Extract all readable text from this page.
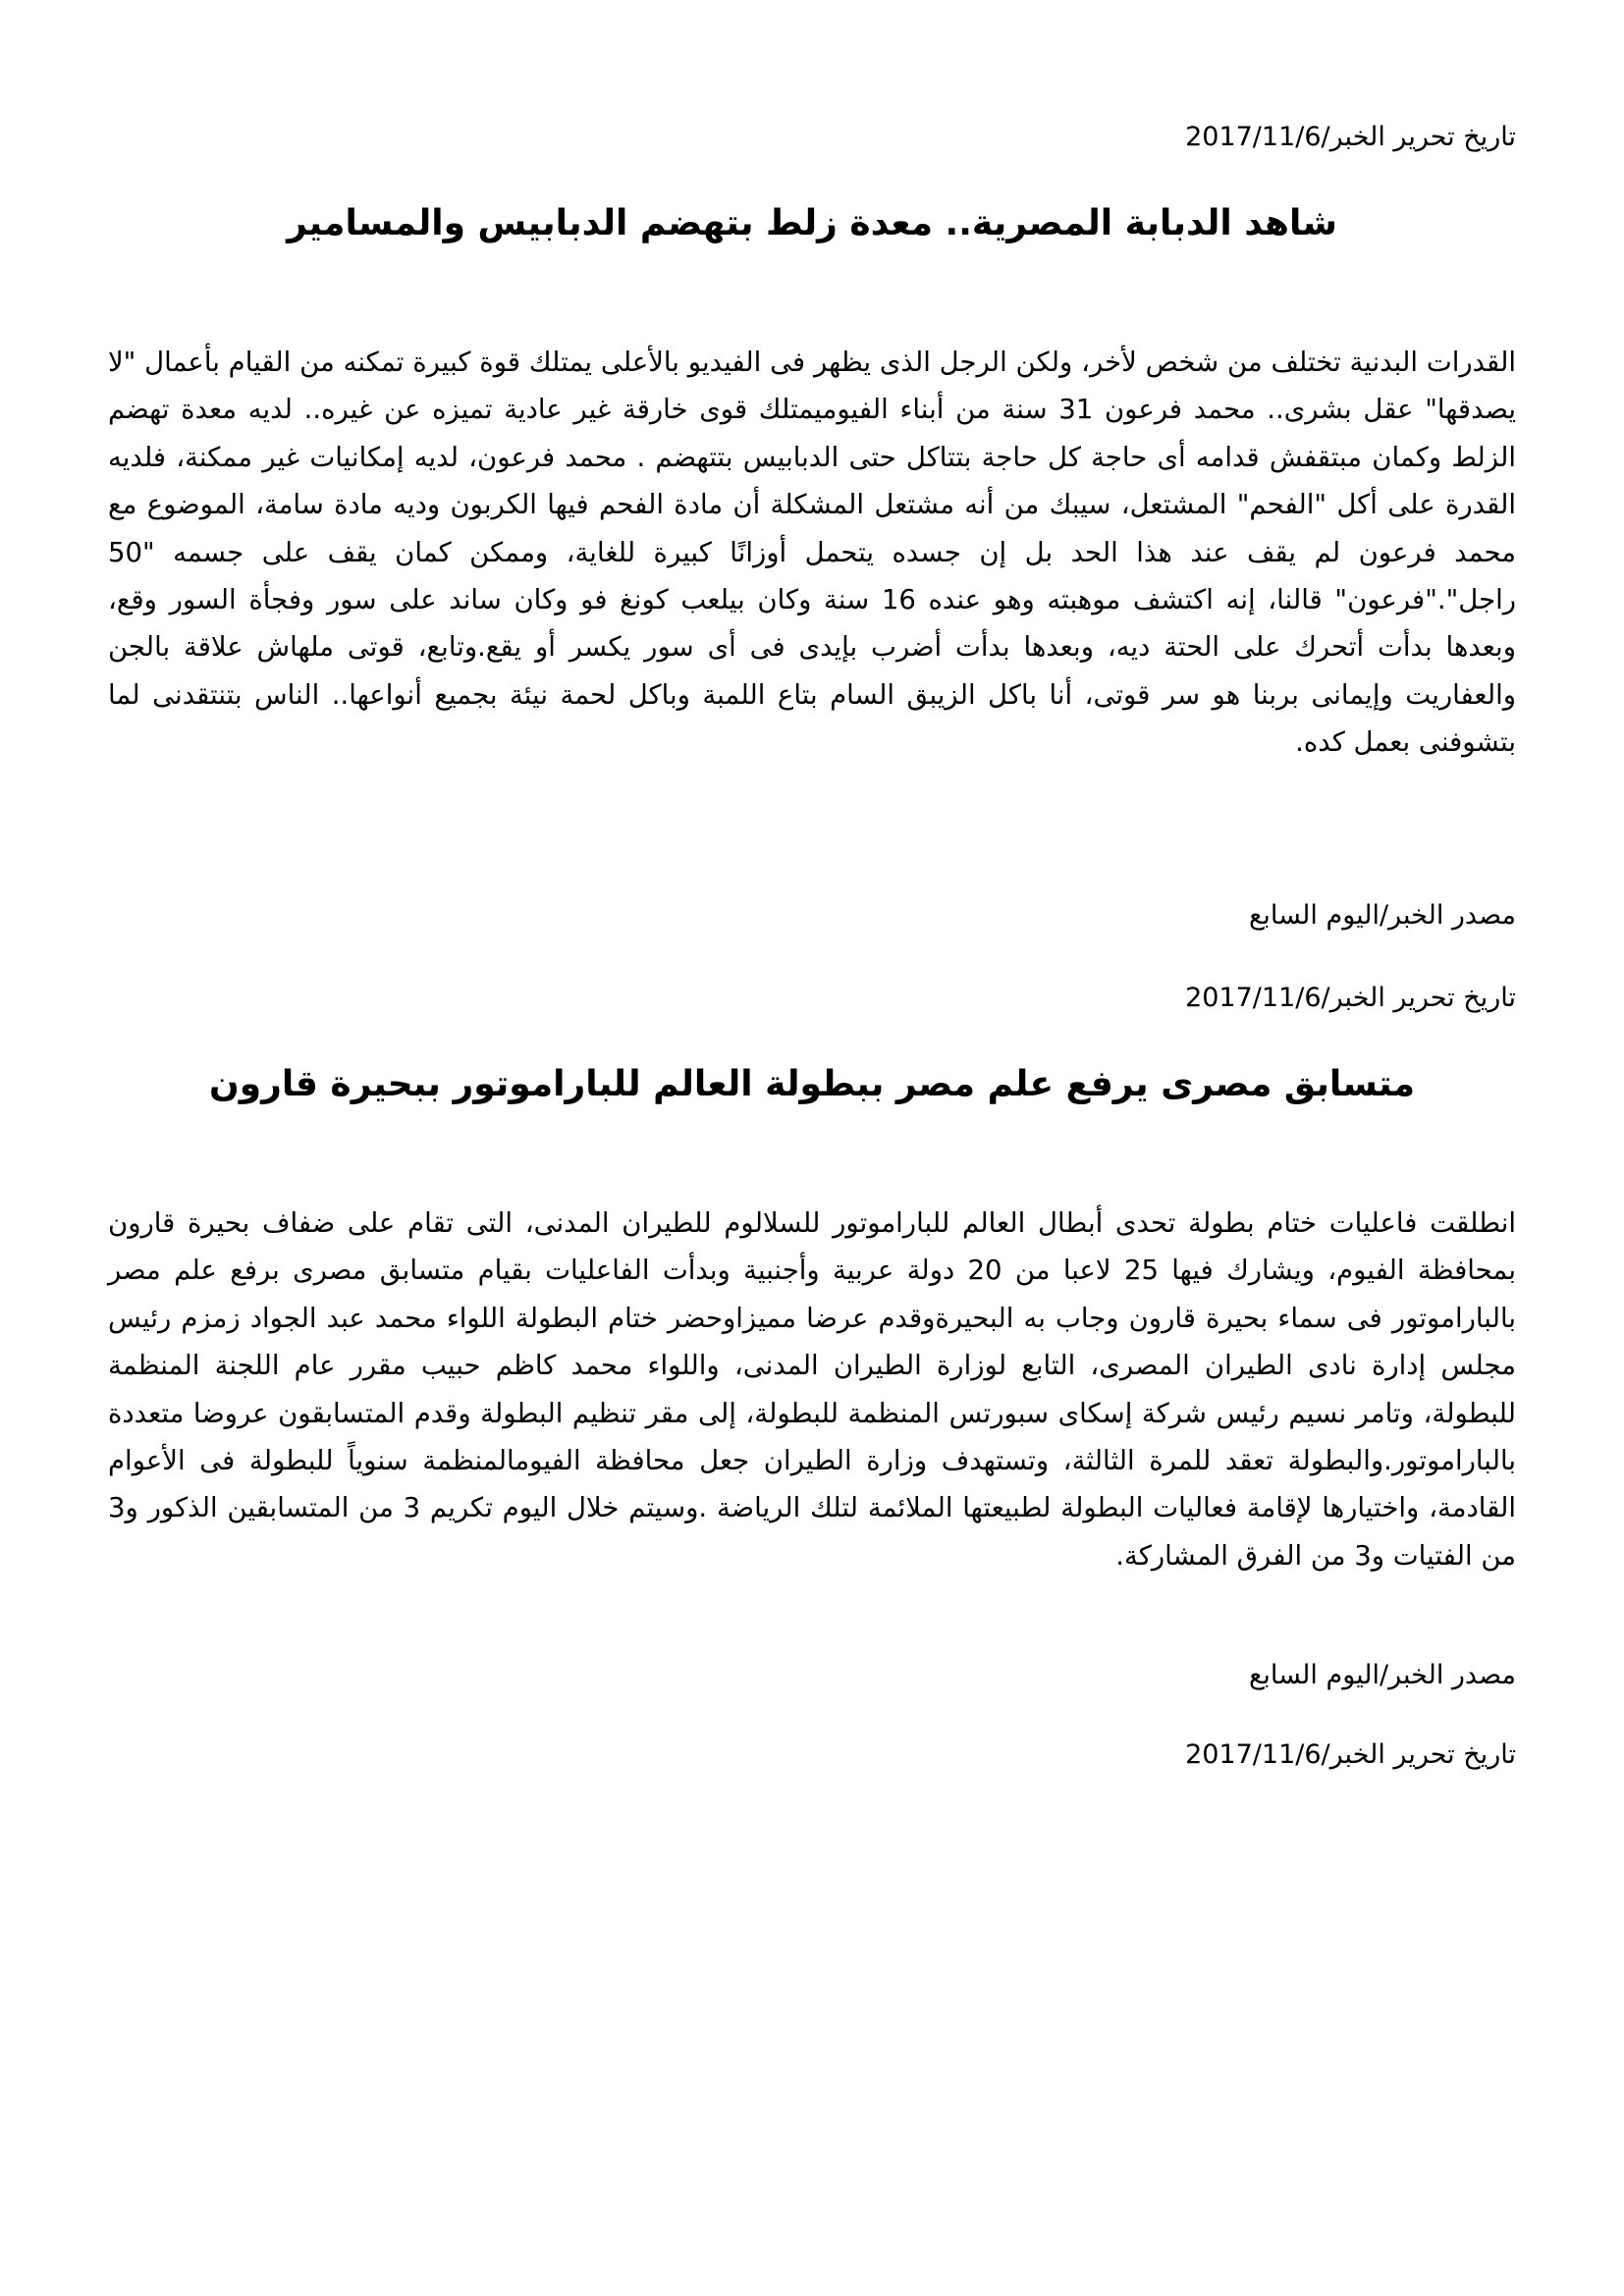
تاريخ تحرير الخبر/2017/11/6
شاهد الدبابة المصرية.. معدة زلط بتهضم الدبابيس والمسامير

القدرات البدنية تختلف من شخص لأخر، ولكن الرجل الذى يظهر فى الفيديو بالأعلى يمتلك قوة كبيرة تمكنه من القيام بأعمال "لا يصدقها" عقل بشرى.. محمد فرعون 31 سنة من أبناء الفيوميمتلك قوى خارقة غير عادية تميزه عن غيره.. لديه معدة تهضم الزلط وكمان مبتقفش قدامه أى حاجة كل حاجة بتتاكل حتى الدبابيس بتتهضم . محمد فرعون، لديه إمكانيات غير ممكنة، فلديه القدرة على أكل "الفحم" المشتعل، سيبك من أنه مشتعل المشكلة أن مادة الفحم فيها الكربون وديه مادة سامة، الموضوع مع محمد فرعون لم يقف عند هذا الحد بل إن جسده يتحمل أوزانًا كبيرة للغاية، وممكن كمان يقف على جسمه "50 راجل"."فرعون" قالنا، إنه اكتشف موهبته وهو عنده 16 سنة وكان بيلعب كونغ فو وكان ساند على سور وفجأة السور وقع، وبعدها بدأت أتحرك على الحتة ديه، وبعدها بدأت أضرب بإيدى فى أى سور يكسر أو يقع.وتابع، قوتى ملهاش علاقة بالجن والعفاريت وإيمانى بربنا هو سر قوتى، أنا باكل الزيبق السام بتاع اللمبة وباكل لحمة نيئة بجميع أنواعها.. الناس بتنتقدنى لما بتشوفنى بعمل كده.

مصدر الخبر/اليوم السابع
تاريخ تحرير الخبر/2017/11/6
متسابق مصرى يرفع علم مصر ببطولة العالم للباراموتور ببحيرة قارون

انطلقت فاعليات ختام بطولة تحدى أبطال العالم للباراموتور للسلالوم للطيران المدنى، التى تقام على ضفاف بحيرة قارون بمحافظة الفيوم، ويشارك فيها 25 لاعبا من 20 دولة عربية وأجنبية وبدأت الفاعليات بقيام متسابق مصرى برفع علم مصر بالباراموتور فى سماء بحيرة قارون وجاب به البحيرةوقدم عرضا مميزاوحضر ختام البطولة اللواء محمد عبد الجواد زمزم رئيس مجلس إدارة نادى الطيران المصرى، التابع لوزارة الطيران المدنى، واللواء محمد كاظم حبيب مقرر عام اللجنة المنظمة للبطولة، وتامر نسيم رئيس شركة إسكاى سبورتس المنظمة للبطولة، إلى مقر تنظيم البطولة وقدم المتسابقون عروضا متعددة بالباراموتور.والبطولة تعقد للمرة الثالثة، وتستهدف وزارة الطيران جعل محافظة الفيومالمنظمة سنوياً للبطولة فى الأعوام القادمة، واختيارها لإقامة فعاليات البطولة لطبيعتها الملائمة لتلك الرياضة .وسيتم خلال اليوم تكريم 3 من المتسابقين الذكور و3 من الفتيات و3 من الفرق المشاركة.

مصدر الخبر/اليوم السابع
تاريخ تحرير الخبر/2017/11/6
